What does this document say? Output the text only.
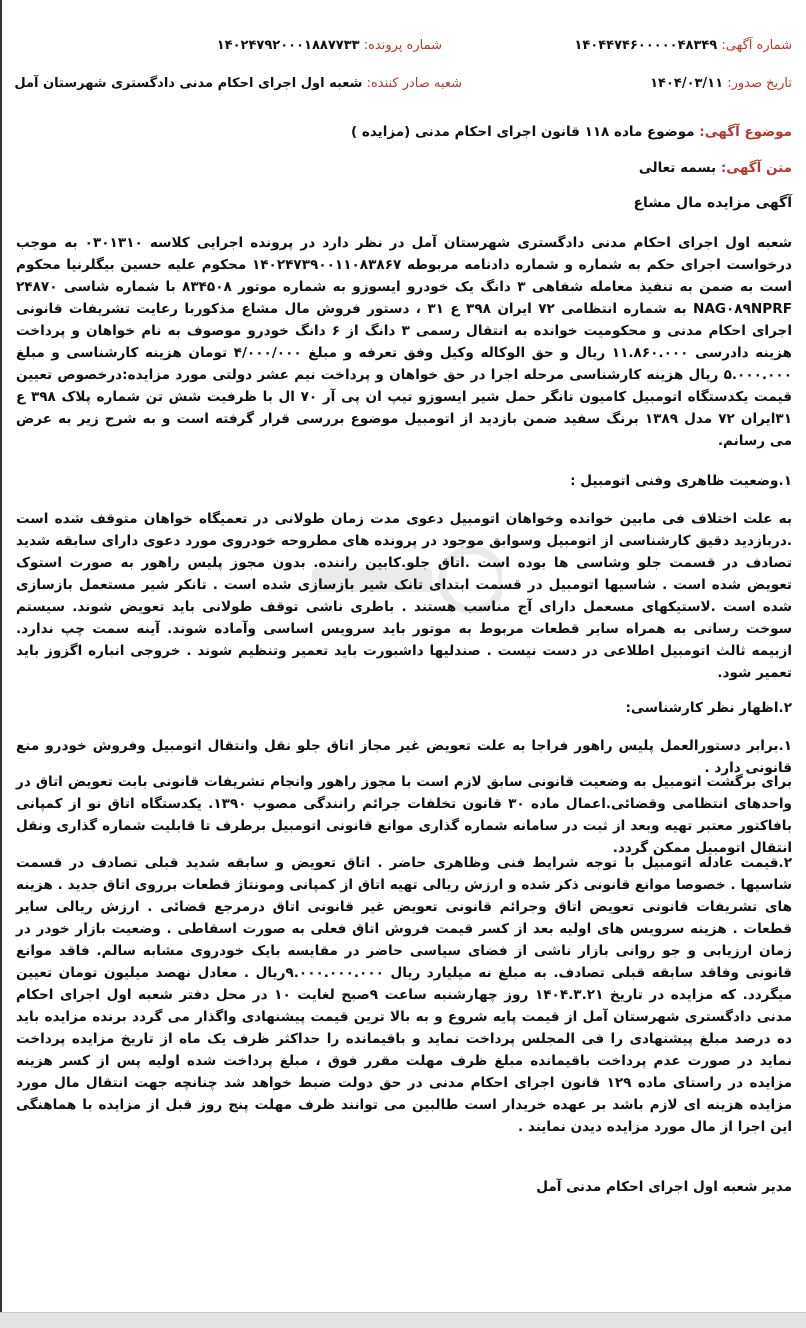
شماره آگهی: ۱۴۰۴۴۷۴۶۰۰۰۰۰۴۸۳۴۹
شماره پرونده: ۱۴۰۲۴۷۹۲۰۰۰۱۸۸۷۷۳۳
تاریخ صدور: ۱۴۰۴/۰۳/۱۱
شعبه صادر کننده: شعبه اول اجرای احکام مدنی دادگستری شهرستان آمل
موضوع آگهی: موضوع ماده ۱۱۸ قانون اجرای احکام مدنی (مزایده )
متن آگهی: بسمه تعالی
آگهی مزایده مال مشاع
شعبه اول اجرای احکام مدنی دادگستری شهرستان آمل در نظر دارد در پرونده اجرایی کلاسه ۰۳۰۱۳۱۰ به موجب درخواست اجرای حکم به شماره و شماره دادنامه مربوطه ۱۴۰۲۴۷۳۹۰۰۱۱۰۸۳۸۶۷ محکوم علیه حسین بیگلرنیا محکوم است به ضمن به تنفیذ معامله شفاهی ۳ دانگ یک خودرو ایسوزو به شماره موتور ۸۳۴۵۰۸ با شماره شاسی ۲۴۸۷۰ NAG۰۸۹NPRF به شماره انتظامی ۷۲ ایران ۳۹۸ ع ۳۱ ، دستور فروش مال مشاع مذکوربا رعایت تشریفات قانونی اجرای احکام مدنی و محکومیت خوانده به انتقال رسمی ۳ دانگ از ۶ دانگ خودرو موصوف به نام خواهان و پرداخت هزینه دادرسی ۱۱.۸۶۰.۰۰۰ ریال و حق الوکاله وکیل وفق تعرفه و مبلغ ۴/۰۰۰/۰۰۰ تومان هزینه کارشناسی و مبلغ ۵.۰۰۰.۰۰۰ ریال هزینه کارشناسی مرحله اجرا در حق خواهان و پرداخت نیم عشر دولتی مورد مزایده:درخصوص تعیین قیمت یکدستگاه اتومبیل کامیون تانگر حمل شیر ایسوزو تیپ ان پی آر ۷۰ ال با ظرفیت شش تن شماره پلاک ۳۹۸ ع ۳۱ایران ۷۲ مدل ۱۳۸۹ برنگ سفید ضمن بازدید از اتومبیل موضوع بررسی قرار گرفته است و به شرح زیر به عرض می رسانم.
۱.وضعیت ظاهری وفنی اتومبیل :
به علت اختلاف فی مابین خوانده وخواهان اتومبیل دعوی مدت زمان طولانی در تعمیگاه خواهان متوقف شده است .دربازدید دقیق کارشناسی از اتومبیل وسوابق موجود در پرونده های مطروحه خودروی مورد دعوی دارای سابقه شدید تصادف در قسمت جلو وشاسی ها بوده است .اتاق جلو.کابین راننده. بدون مجوز پلیس راهور به صورت استوک تعویض شده است . شاسیها اتومبیل در قسمت ابتدای تانک شیر بازسازی شده است . تانکر شیر مستعمل بازسازی شده است .لاستیکهای مسعمل دارای آج مناسب هستند . باطری ناشی توقف طولانی باید تعویض شوند. سیستم سوخت رسانی به همراه سایر قطعات مربوط به موتور باید سرویس اساسی وآماده شوند. آینه سمت چپ ندارد. ازبیمه ثالث اتومبیل اطلاعی در دست نیست . صندلیها داشبورت باید تعمیر وتنظیم شوند . خروجی انباره اگزوز باید تعمیر شود.
۲.اظهار نظر کارشناسی:
۱.برابر دستورالعمل پلیس راهور فراجا به علت تعویض غیر مجاز اتاق جلو نقل وانتقال اتومبیل وفروش خودرو منع قانونی دارد .
برای برگشت اتومبیل به وضعیت قانونی سابق لازم است با مجوز راهور وانجام تشریفات قانونی بابت تعویض اتاق در واحدهای انتظامی وقضائی.اعمال ماده ۳۰ قانون تخلفات جرائم رانندگی مصوب ۱۳۹۰. یکدستگاه اتاق نو از کمپانی بافاکتور معتبر تهیه وبعد از ثبت در سامانه شماره گذاری موانع قانونی اتومبیل برطرف تا قابلیت شماره گذاری ونقل انتقال اتومبیل ممکن گردد.
۲.قیمت عادله اتومبیل با توجه شرایط فنی وظاهری حاضر . اتاق تعویض و سابقه شدید قبلی تصادف در قسمت شاسیها . خصوصا موانع قانونی ذکر شده و ارزش ریالی تهیه اتاق از کمپانی ومونتاژ قطعات برروی اتاق جدید . هزینه های تشریفات قانونی تعویض اتاق وجرائم قانونی تعویض غیر قانونی اتاق درمرجع قضائی . ارزش ریالی سایر قطعات . هزینه سرویس های اولیه بعد از کسر قیمت فروش اتاق فعلی به صورت اسقاطی . وضعیت بازار خودر در زمان ارزیابی و جو روانی بازار ناشی از فضای سیاسی حاضر در مقایسه بایک خودروی مشابه سالم. فاقد موانع قانونی وفاقد سابقه قبلی تصادف. به مبلغ نه میلیارد ریال ۹.۰۰۰.۰۰۰.۰۰۰ریال . معادل نهصد میلیون تومان تعیین میگردد. که مزایده در تاریخ ۱۴۰۴.۳.۲۱ روز چهارشنبه ساعت ۹صبح لغایت ۱۰ در محل دفتر شعبه اول اجرای احکام مدنی دادگستری شهرستان آمل از قیمت پایه شروع و به بالا ترین قیمت پیشنهادی واگذار می گردد برنده مزایده باید ده درصد مبلغ پیشنهادی را فی المجلس پرداخت نماید و باقیمانده را حداکثر ظرف یک ماه از تاریخ مزایده پرداخت نماید در صورت عدم پرداخت باقیمانده مبلغ ظرف مهلت مقرر فوق ، مبلغ پرداخت شده اولیه پس از کسر هزینه مزایده در راستای ماده ۱۲۹ قانون اجرای احکام مدنی در حق دولت ضبط خواهد شد چنانچه جهت انتقال مال مورد مزایده هزینه ای لازم باشد بر عهده خریدار است طالبین می توانند ظرف مهلت پنج روز قبل از مزایده با هماهنگی این اجرا از مال مورد مزایده دیدن نمایند .
مدیر شعبه اول اجرای احکام مدنی آمل
